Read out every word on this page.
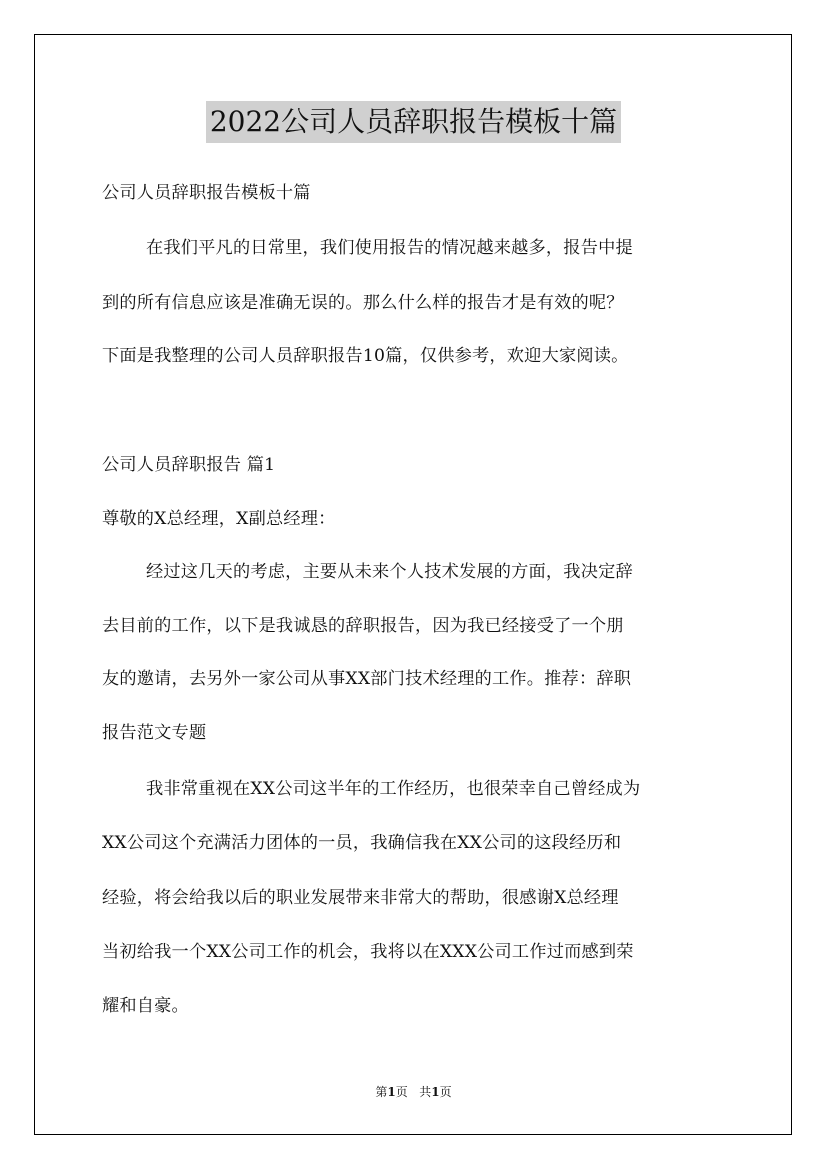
2022公司人员辞职报告模板十篇
公司人员辞职报告模板十篇
在我们平凡的日常里，我们使用报告的情况越来越多，报告中提
到的所有信息应该是准确无误的。那么什么样的报告才是有效的呢？
下面是我整理的公司人员辞职报告10篇，仅供参考，欢迎大家阅读。
公司人员辞职报告 篇1
尊敬的X总经理，X副总经理：
经过这几天的考虑，主要从未来个人技术发展的方面，我决定辞
去目前的工作，以下是我诚恳的辞职报告，因为我已经接受了一个朋
友的邀请，去另外一家公司从事XX部门技术经理的工作。推荐：辞职
报告范文专题
我非常重视在XX公司这半年的工作经历，也很荣幸自己曾经成为
XX公司这个充满活力团体的一员，我确信我在XX公司的这段经历和
经验，将会给我以后的职业发展带来非常大的帮助，很感谢X总经理
当初给我一个XX公司工作的机会，我将以在XXX公司工作过而感到荣
耀和自豪。
第1页 共1页
